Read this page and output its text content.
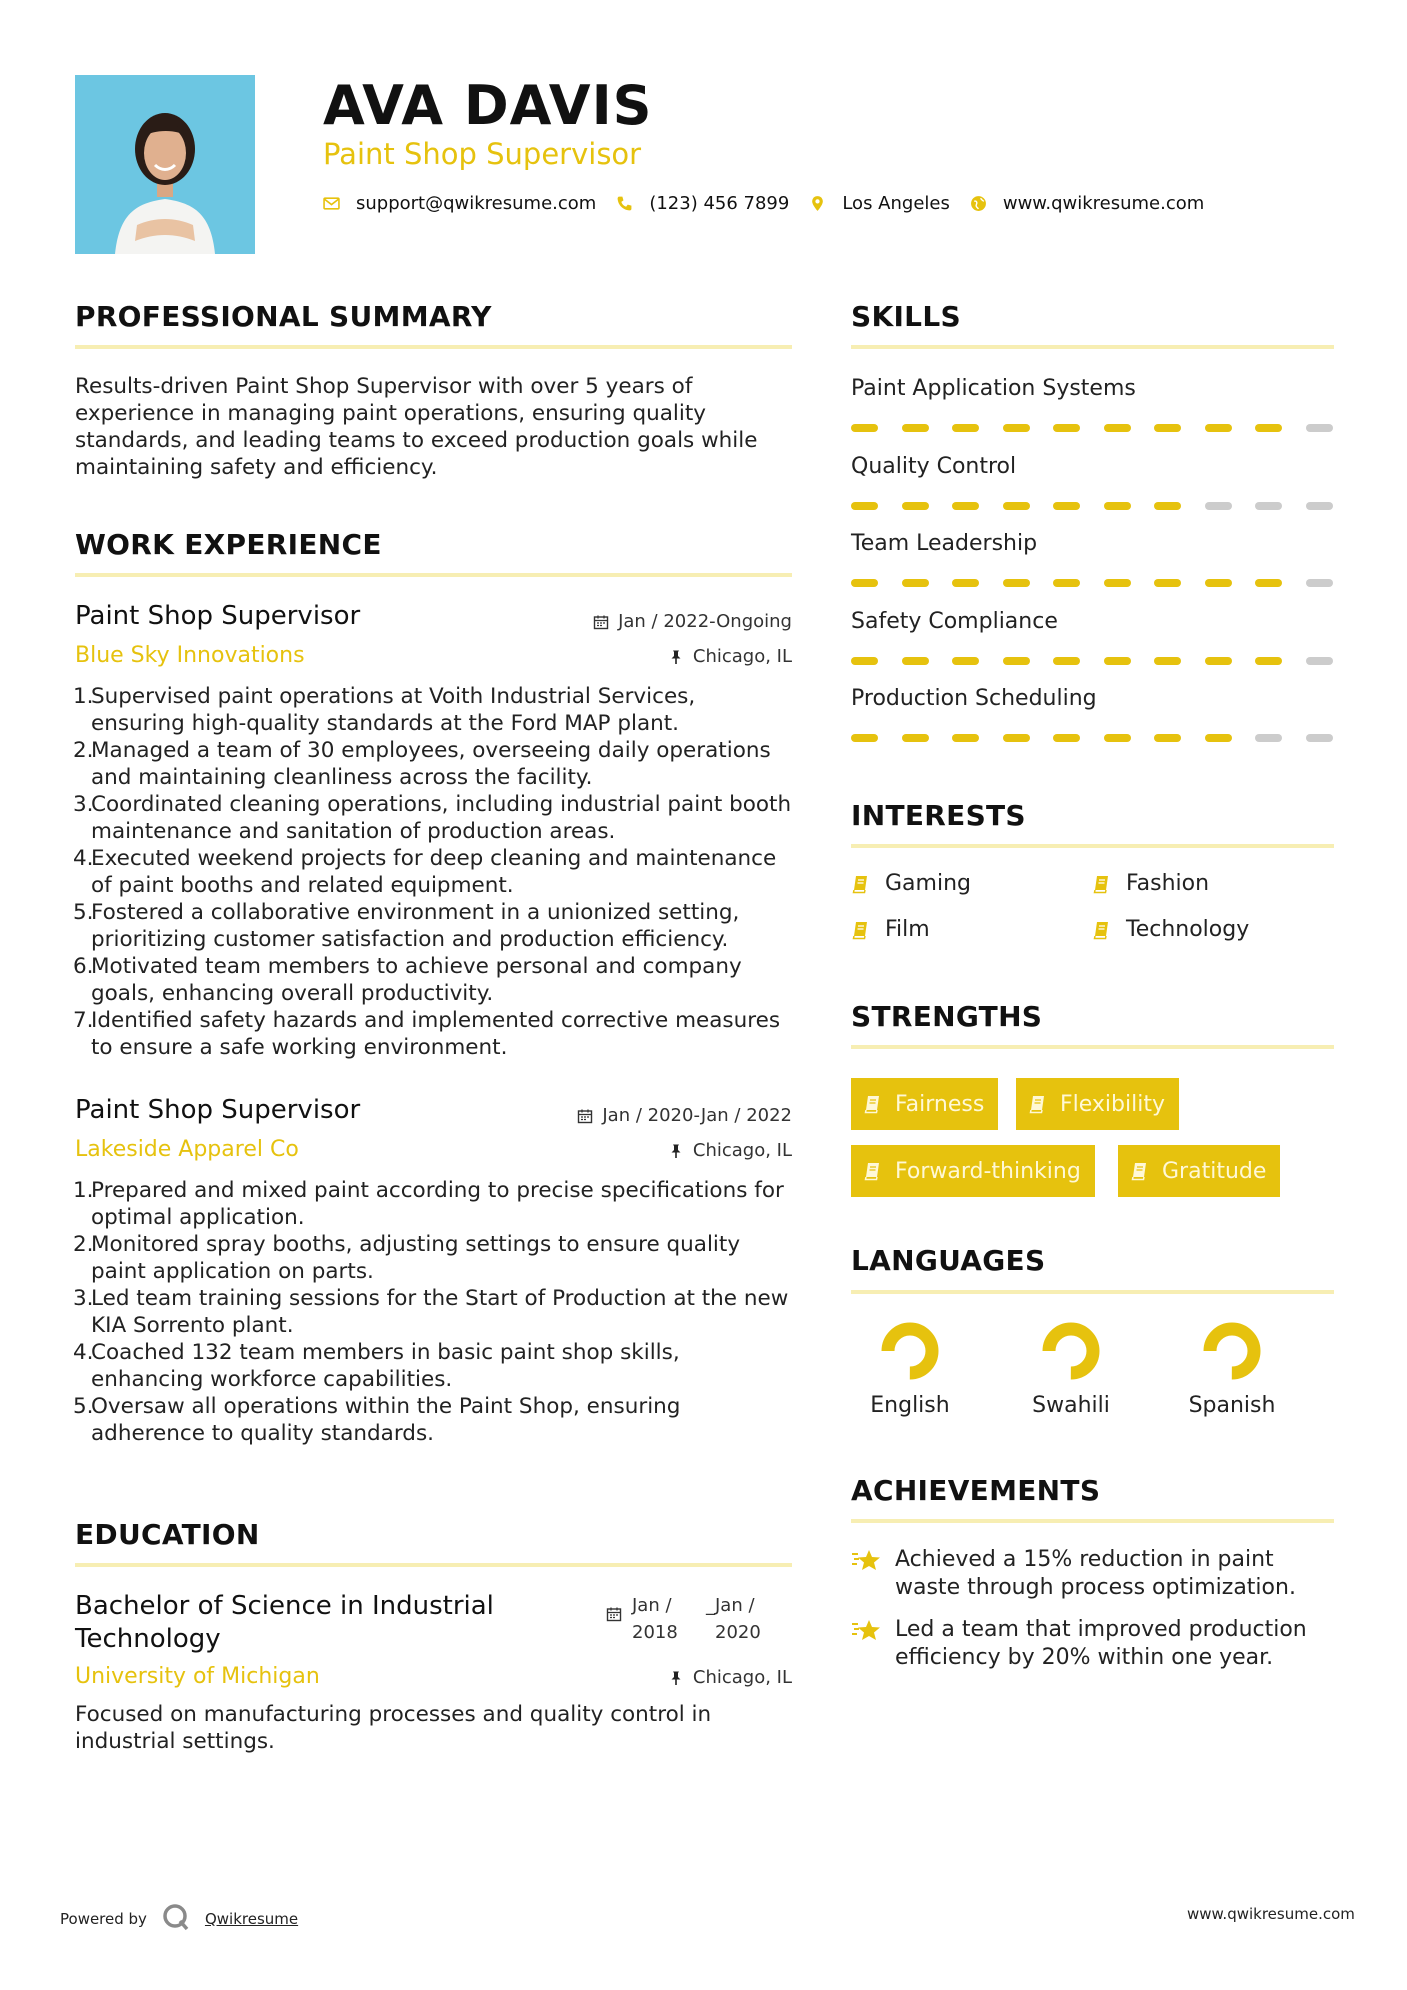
AVA DAVIS
Paint Shop Supervisor
support@qwikresume.com	(123) 456 7899	Los Angeles	www.qwikresume.com
PROFESSIONAL SUMMARY
Results-driven Paint Shop Supervisor with over 5 years of experience in managing paint operations, ensuring quality standards, and leading teams to exceed production goals while maintaining safety and efficiency.
WORK EXPERIENCE
Paint Shop Supervisor	Jan / 2022-Ongoing
Blue Sky Innovations	Chicago, IL
1.
Supervised paint operations at Voith Industrial Services, ensuring high-quality standards at the Ford MAP plant.
2.
Managed a team of 30 employees, overseeing daily operations and maintaining cleanliness across the facility.
3.
Coordinated cleaning operations, including industrial paint booth maintenance and sanitation of production areas.
4.
Executed weekend projects for deep cleaning and maintenance of paint booths and related equipment.
5.
Fostered a collaborative environment in a unionized setting, prioritizing customer satisfaction and production efficiency.
6.
Motivated team members to achieve personal and company goals, enhancing overall productivity.
7.
Identified safety hazards and implemented corrective measures to ensure a safe working environment.
Paint Shop Supervisor	Jan / 2020-Jan / 2022
Lakeside Apparel Co	Chicago, IL
1.
Prepared and mixed paint according to precise specifications for optimal application.
2.
Monitored spray booths, adjusting settings to ensure quality paint application on parts.
3.
Led team training sessions for the Start of Production at the new KIA Sorrento plant.
4.
Coached 132 team members in basic paint shop skills, enhancing workforce capabilities.
5.
Oversaw all operations within the Paint Shop, ensuring adherence to quality standards.
EDUCATION
Bachelor of Science in Industrial Technology
Jan /
2018
_Jan /
2020
University of Michigan	Chicago, IL
Focused on manufacturing processes and quality control in industrial settings.
SKILLS
Paint Application Systems
Quality Control
Team Leadership
Safety Compliance
Production Scheduling
INTERESTS
Gaming	Fashion
Film	Technology
STRENGTHS
Fairness	Flexibility
Forward-thinking	Gratitude
LANGUAGES
English	Swahili	Spanish
ACHIEVEMENTS
Achieved a 15% reduction in paint waste through process optimization.
Led a team that improved production efficiency by 20% within one year.
Powered by	Qwikresume	www.qwikresume.com
